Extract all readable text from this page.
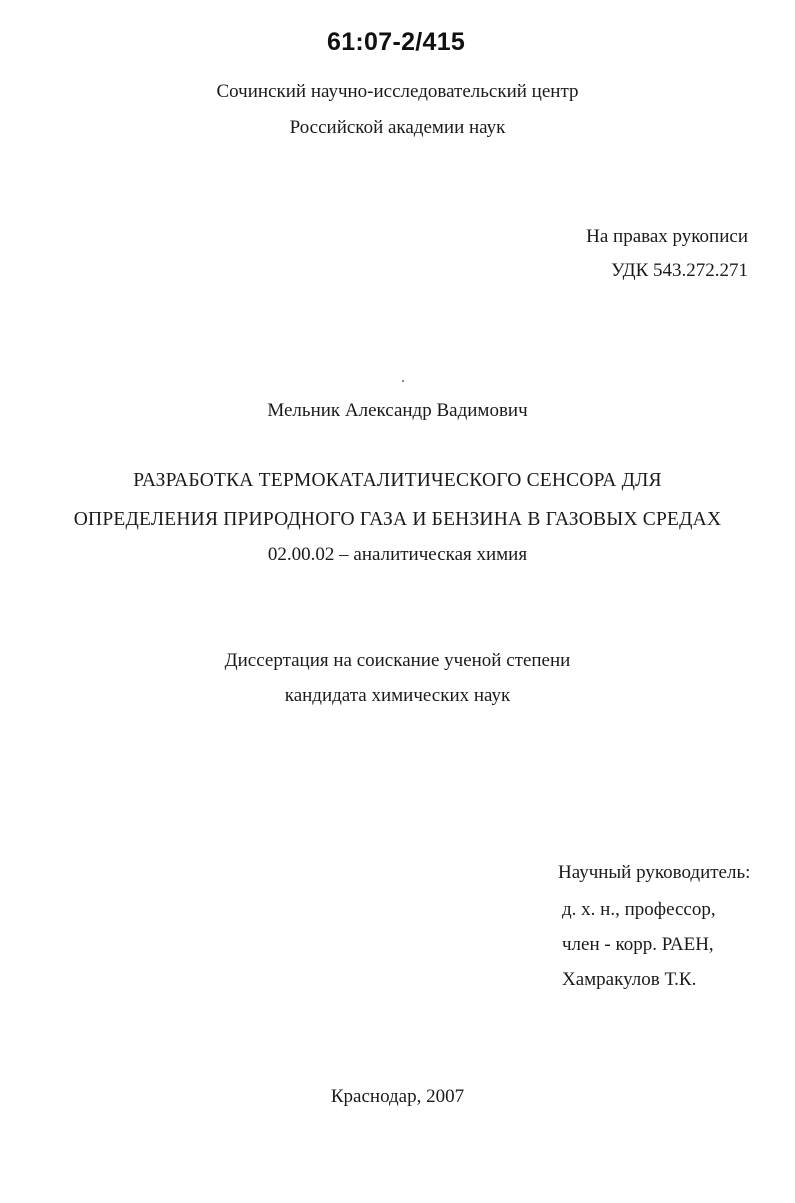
61:07-2/415
Сочинский научно-исследовательский центр
Российской академии наук
На правах рукописи
УДК 543.272.271
Мельник Александр Вадимович
РАЗРАБОТКА ТЕРМОКАТАЛИТИЧЕСКОГО СЕНСОРА ДЛЯ
ОПРЕДЕЛЕНИЯ ПРИРОДНОГО ГАЗА И БЕНЗИНА В ГАЗОВЫХ СРЕДАХ
02.00.02 – аналитическая химия
Диссертация на соискание ученой степени
кандидата химических наук
Научный руководитель:
д. х. н., профессор,
член - корр. РАЕН,
Хамракулов Т.К.
Краснодар, 2007
